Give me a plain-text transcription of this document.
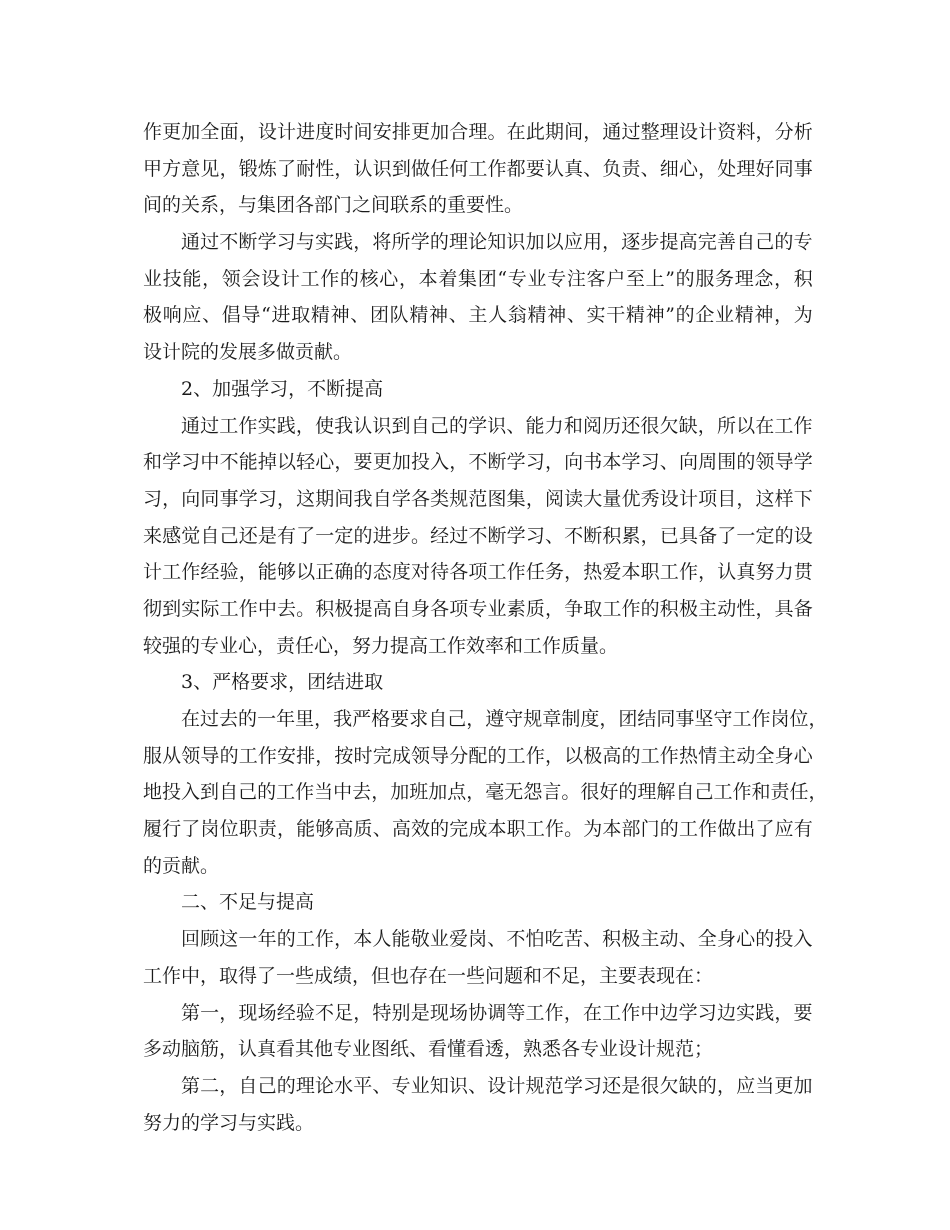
作 更 加 全 面 ， 设 计 进 度 时 间 安 排 更 加 合 理 。 在 此 期 间 ， 通 过 整 理 设 计 资 料 ， 分 析
甲 方 意 见 ， 锻 炼 了 耐 性 ， 认 识 到 做 任 何 工 作 都 要 认 真 、 负 责 、 细 心 ， 处 理 好 同 事
间的关系，与集团各部门之间联系的重要性。
通 过 不 断 学 习 与 实 践 ， 将 所 学 的 理 论 知 识 加 以 应 用 ， 逐 步 提 高 完 善 自 己 的 专
业 技 能 ， 领 会 设 计 工 作 的 核 心 ， 本 着 集 团 “ 专 业 专 注 客 户 至 上 ” 的 服 务 理 念 ， 积
极 响 应 、 倡 导 “ 进 取 精 神 、 团 队 精 神 、 主 人 翁 精 神 、 实 干 精 神 ” 的 企 业 精 神 ， 为
设计院的发展多做贡献。
2、加强学习，不断提高
通 过 工 作 实 践 ， 使 我 认 识 到 自 己 的 学 识 、 能 力 和 阅 历 还 很 欠 缺 ， 所 以 在 工 作
和 学 习 中 不 能 掉 以 轻 心 ， 要 更 加 投 入 ， 不 断 学 习 ， 向 书 本 学 习 、 向 周 围 的 领 导 学
习 ， 向 同 事 学 习 ， 这 期 间 我 自 学 各 类 规 范 图 集 ， 阅 读 大 量 优 秀 设 计 项 目 ， 这 样 下
来 感 觉 自 己 还 是 有 了 一 定 的 进 步 。 经 过 不 断 学 习 、 不 断 积 累 ， 已 具 备 了 一 定 的 设
计 工 作 经 验 ， 能 够 以 正 确 的 态 度 对 待 各 项 工 作 任 务 ， 热 爱 本 职 工 作 ， 认 真 努 力 贯
彻 到 实 际 工 作 中 去 。 积 极 提 高 自 身 各 项 专 业 素 质 ， 争 取 工 作 的 积 极 主 动 性 ， 具 备
较强的专业心，责任心，努力提高工作效率和工作质量。
3、严格要求，团结进取
在 过 去 的 一 年 里 ， 我 严 格 要 求 自 己 ， 遵 守 规 章 制 度 ， 团 结 同 事 坚 守 工 作 岗 位 ，
服 从 领 导 的 工 作 安 排 ， 按 时 完 成 领 导 分 配 的 工 作 ， 以 极 高 的 工 作 热 情 主 动 全 身 心
地 投 入 到 自 己 的 工 作 当 中 去 ， 加 班 加 点 ， 毫 无 怨 言 。 很 好 的 理 解 自 己 工 作 和 责 任 ，
履 行 了 岗 位 职 责 ， 能 够 高 质 、 高 效 的 完 成 本 职 工 作 。 为 本 部 门 的 工 作 做 出 了 应 有
的贡献。
二、不足与提高
回 顾 这 一 年 的 工 作 ， 本 人 能 敬 业 爱 岗 、 不 怕 吃 苦 、 积 极 主 动 、 全 身 心 的 投 入
工作中，取得了一些成绩，但也存在一些问题和不足，主要表现在：
第 一 ， 现 场 经 验 不 足 ， 特 别 是 现 场 协 调 等 工 作 ， 在 工 作 中 边 学 习 边 实 践 ， 要
多动脑筋，认真看其他专业图纸、看懂看透，熟悉各专业设计规范；
第 二 ， 自 己 的 理 论 水 平 、 专 业 知 识 、 设 计 规 范 学 习 还 是 很 欠 缺 的 ， 应 当 更 加
努力的学习与实践。
